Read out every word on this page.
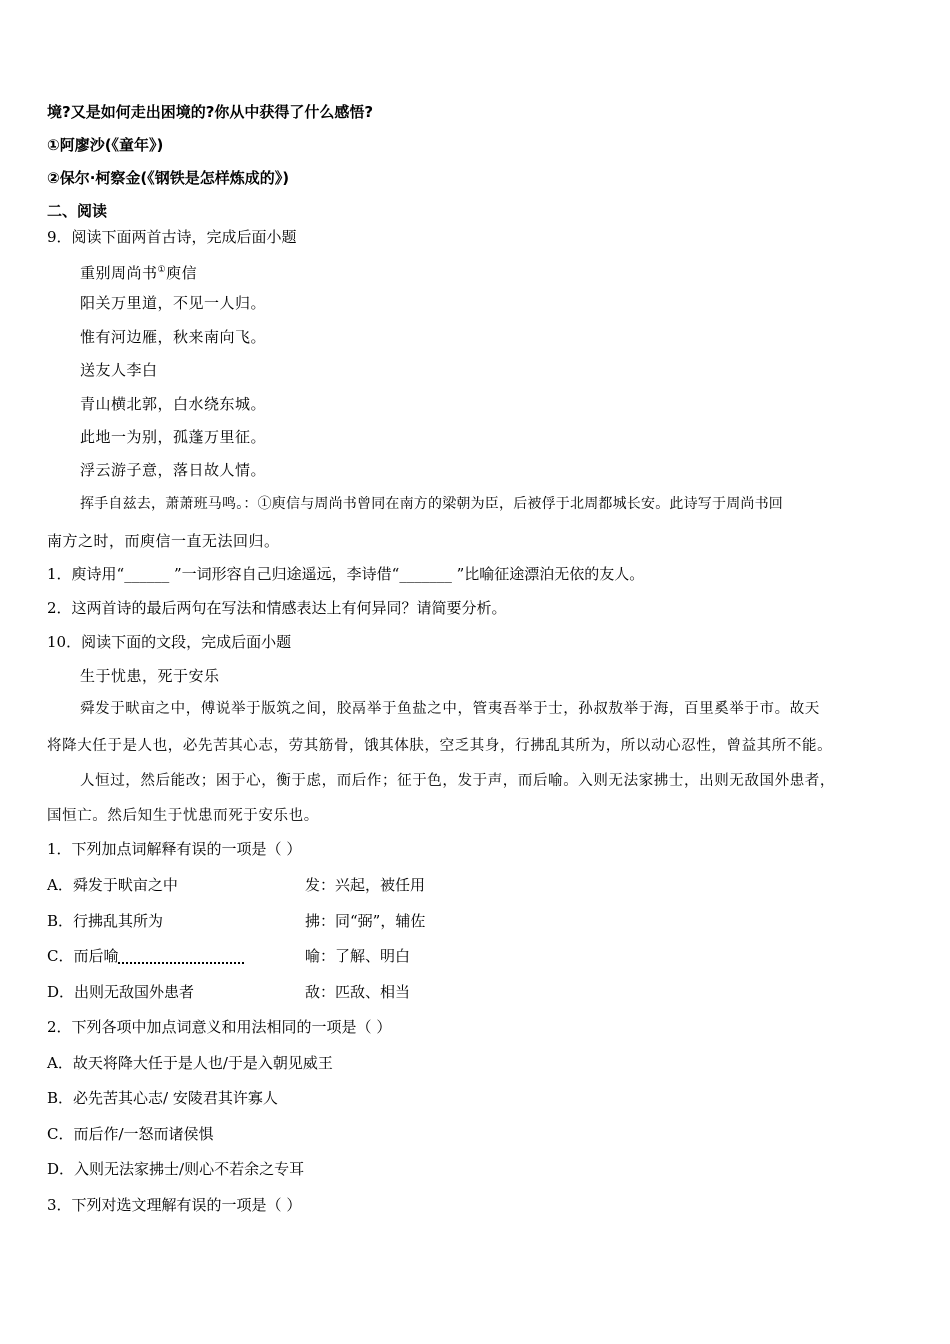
境?又是如何走出困境的?你从中获得了什么感悟?
①阿廖沙(《童年》)
②保尔·柯察金(《钢铁是怎样炼成的》)
二、阅读
9．阅读下面两首古诗，完成后面小题
重别周尚书①庾信
阳关万里道，不见一人归。
惟有河边雁，秋来南向飞。
送友人李白
青山横北郭，白水绕东城。
此地一为别，孤蓬万里征。
浮云游子意，落日故人情。
挥手自兹去，萧萧班马鸣。：①庾信与周尚书曾同在南方的梁朝为臣，后被俘于北周都城长安。此诗写于周尚书回
南方之时，而庾信一直无法回归。
1．庾诗用“______ ”一词形容自己归途遥远，李诗借“_______ ”比喻征途漂泊无依的友人。
2．这两首诗的最后两句在写法和情感表达上有何异同？请简要分析。
10．阅读下面的文段，完成后面小题
生于忧患，死于安乐
舜发于畎亩之中，傅说举于版筑之间，胶鬲举于鱼盐之中，管夷吾举于士，孙叔敖举于海，百里奚举于市。故天
将降大任于是人也，必先苦其心志，劳其筋骨，饿其体肤，空乏其身，行拂乱其所为，所以动心忍性，曾益其所不能。
人恒过，然后能改；困于心，衡于虑，而后作；征于色，发于声，而后喻。入则无法家拂士，出则无敌国外患者，
国恒亡。然后知生于忧患而死于安乐也。
1．下列加点词解释有误的一项是（ ）
A．舜发于畎亩之中	发：兴起，被任用
B．行拂乱其所为	拂：同“弼”，辅佐
C．而后喻	喻：了解、明白
D．出则无敌国外患者	敌：匹敌、相当
2．下列各项中加点词意义和用法相同的一项是（ ）
A．故天将降大任于是人也/于是入朝见威王
B．必先苦其心志/ 安陵君其许寡人
C．而后作/一怒而诸侯惧
D．入则无法家拂士/则心不若余之专耳
3．下列对选文理解有误的一项是（ ）
